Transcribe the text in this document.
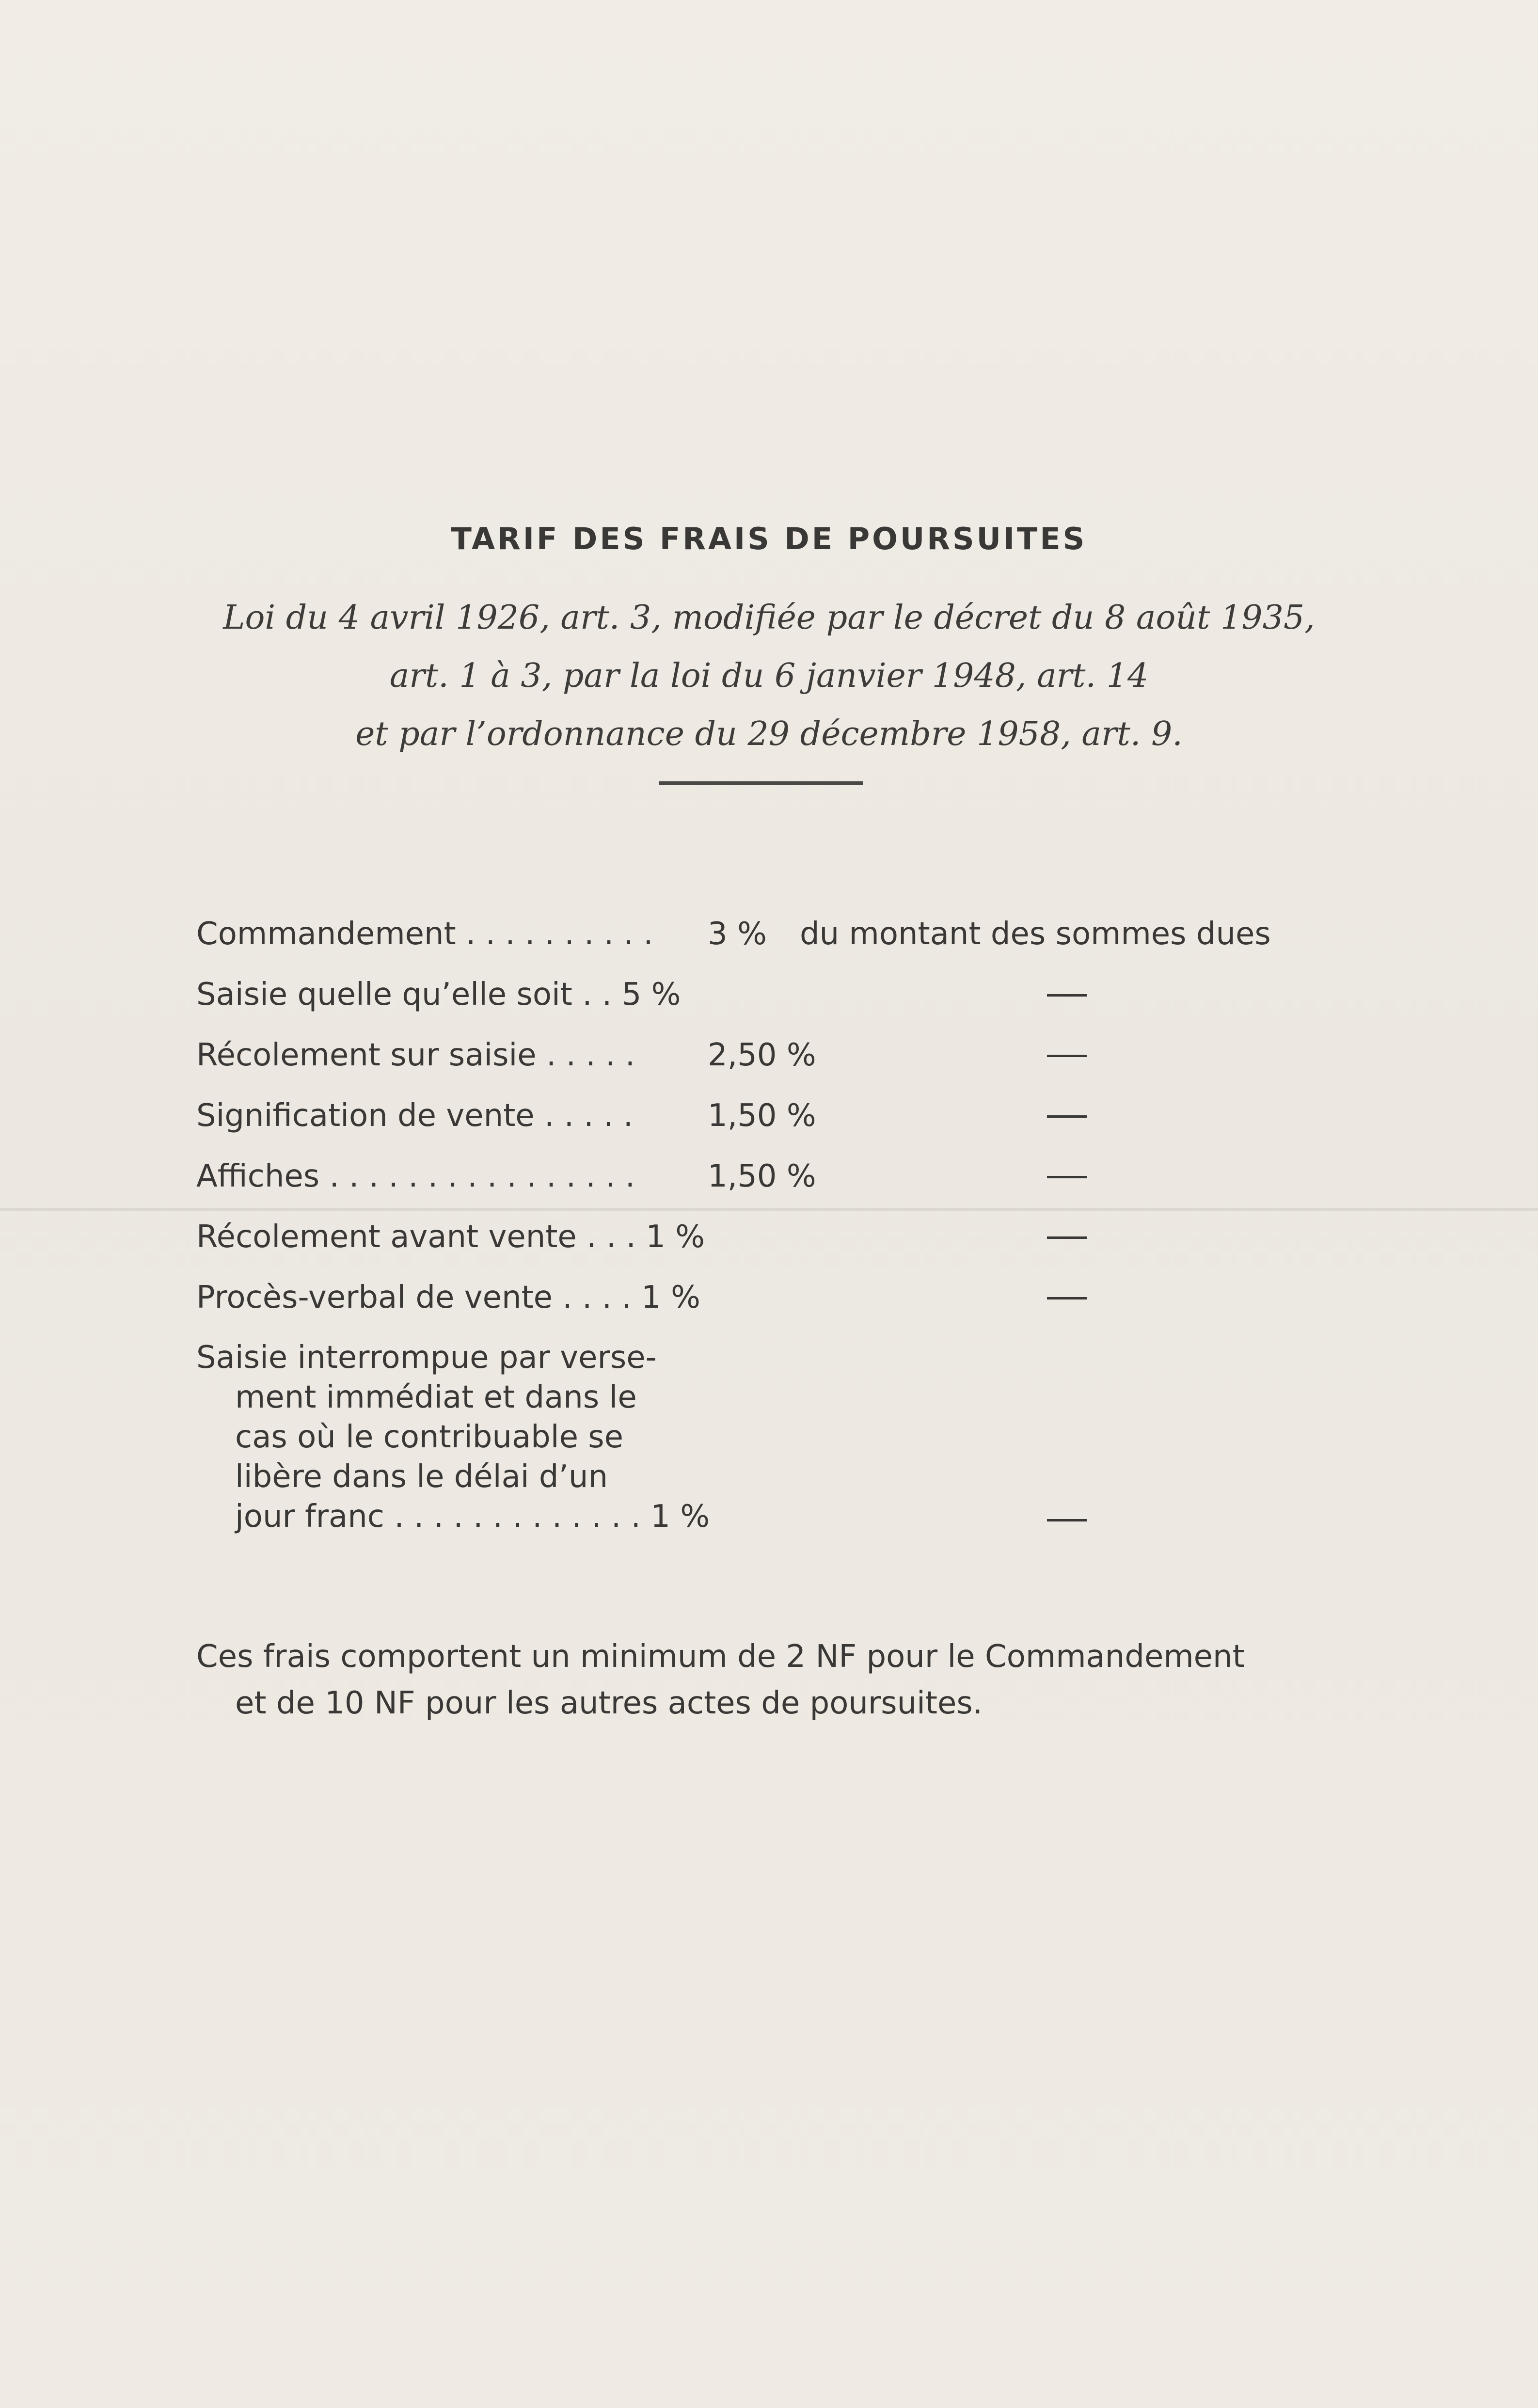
TARIF DES FRAIS DE POURSUITES
Loi du 4 avril 1926, art. 3, modifiée par le décret du 8 août 1935,
art. 1 à 3, par la loi du 6 janvier 1948, art. 14
et par l’ordonnance du 29 décembre 1958, art. 9.
Commandement . . . . . . . . . . 3 % du montant des sommes dues
Saisie quelle qu’elle soit . . 5 %
Récolement sur saisie . . . . . 2,50 %
Signification de vente . . . . . 1,50 %
Affiches . . . . . . . . . . . . . . . . 1,50 %
Récolement avant vente . . . 1 %
Procès-verbal de vente . . . . 1 %
Saisie interrompue par verse-
ment immédiat et dans le
cas où le contribuable se
libère dans le délai d’un
jour franc . . . . . . . . . . . . . 1 %
Ces frais comportent un minimum de 2 NF pour le Commandement
et de 10 NF pour les autres actes de poursuites.
